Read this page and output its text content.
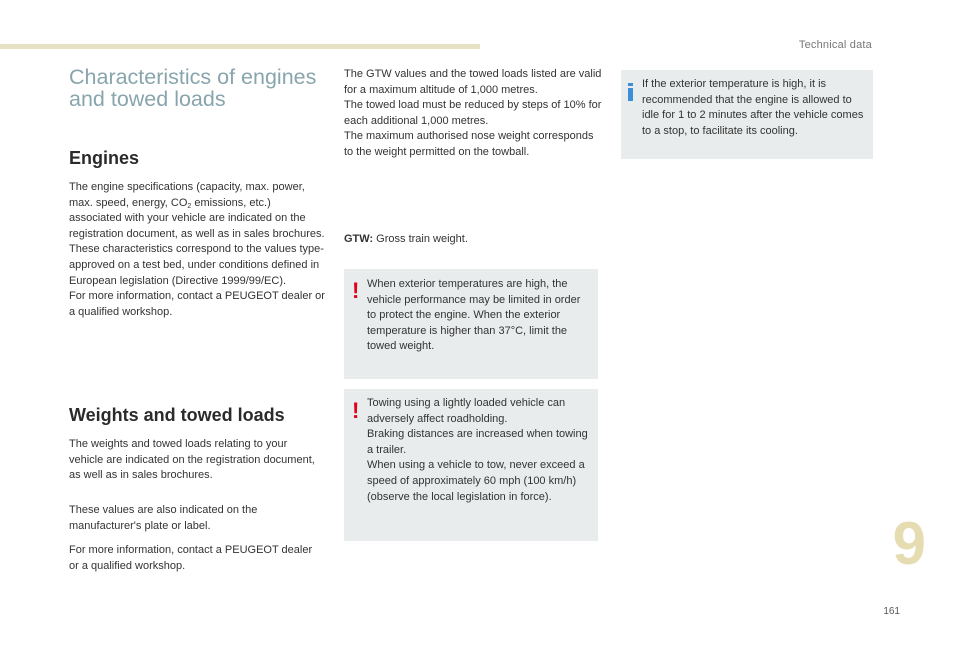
Technical data
Characteristics of engines
and towed loads
Engines
The engine specifications (capacity, max. power, max. speed, energy, $CO_2$ emissions, etc.) associated with your vehicle are indicated on the registration document, as well as in sales brochures.
These characteristics correspond to the values type-approved on a test bed, under conditions defined in European legislation (Directive 1999/99/EC).
For more information, contact a PEUGEOT dealer or a qualified workshop.
Weights and towed loads

The weights and towed loads relating to your vehicle are indicated on the registration document, as well as in sales brochures.

These values are also indicated on the manufacturer's plate or label.

For more information, contact a PEUGEOT dealer or a qualified workshop.

The GTW values and the towed loads listed are valid for a maximum altitude of 1,000 metres.
The towed load must be reduced by steps of 10% for each additional 1,000 metres.
The maximum authorised nose weight corresponds to the weight permitted on the towball.

GTW: Gross train weight.

! When exterior temperatures are high, the vehicle performance may be limited in order to protect the engine. When the exterior temperature is higher than 37°C, limit the towed weight.

! Towing using a lightly loaded vehicle can adversely affect roadholding.
Braking distances are increased when towing a trailer.
When using a vehicle to tow, never exceed a speed of approximately 60 mph (100 km/h) (observe the local legislation in force).

If the exterior temperature is high, it is recommended that the engine is allowed to idle for 1 to 2 minutes after the vehicle comes to a stop, to facilitate its cooling.

9
161
